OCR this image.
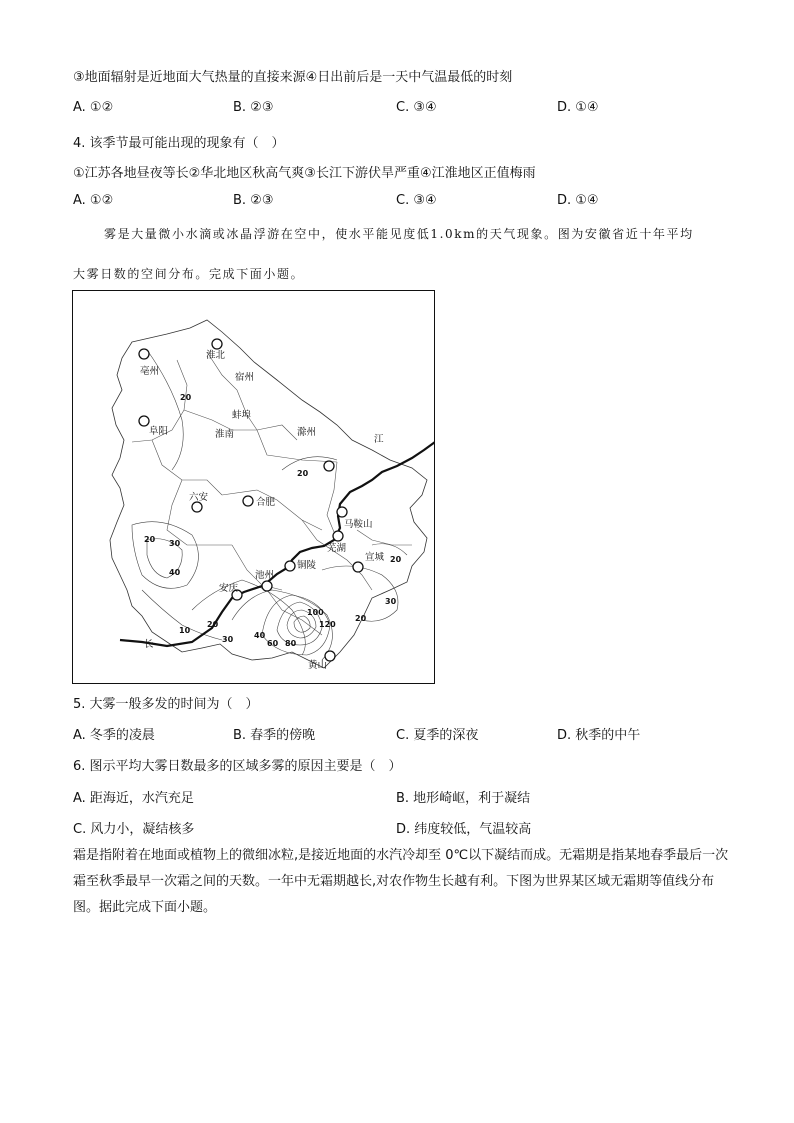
③地面辐射是近地面大气热量的直接来源④日出前后是一天中气温最低的时刻
A. ①②	B. ②③	C. ③④	D. ①④
4. 该季节最可能出现的现象有（　）
①江苏各地昼夜等长②华北地区秋高气爽③长江下游伏旱严重④江淮地区正值梅雨
A. ①②	B. ②③	C. ③④	D. ①④
雾是大量微小水滴或冰晶浮游在空中，使水平能见度低1.0km的天气现象。图为安徽省近十年平均
大雾日数的空间分布。完成下面小题。
亳州
淮北
宿州
蚌埠
阜阳	淮南	滁州
六安	合肥
马鞍山
芜湖
宣城
铜陵
池州
安庆
黄山
江
长
20
20
20 30
40
10
20
30	40
60 80
100
120
20
30
20
5. 大雾一般多发的时间为（　）
A. 冬季的凌晨	B. 春季的傍晚	C. 夏季的深夜	D. 秋季的中午
6. 图示平均大雾日数最多的区域多雾的原因主要是（　）
A. 距海近，水汽充足	B. 地形崎岖，利于凝结
C. 风力小，凝结核多	D. 纬度较低，气温较高
霜是指附着在地面或植物上的微细冰粒,是接近地面的水汽冷却至 0℃以下凝结而成。无霜期是指某地春季最后一次霜至秋季最早一次霜之间的天数。一年中无霜期越长,对农作物生长越有利。下图为世界某区域无霜期等值线分布图。据此完成下面小题。
